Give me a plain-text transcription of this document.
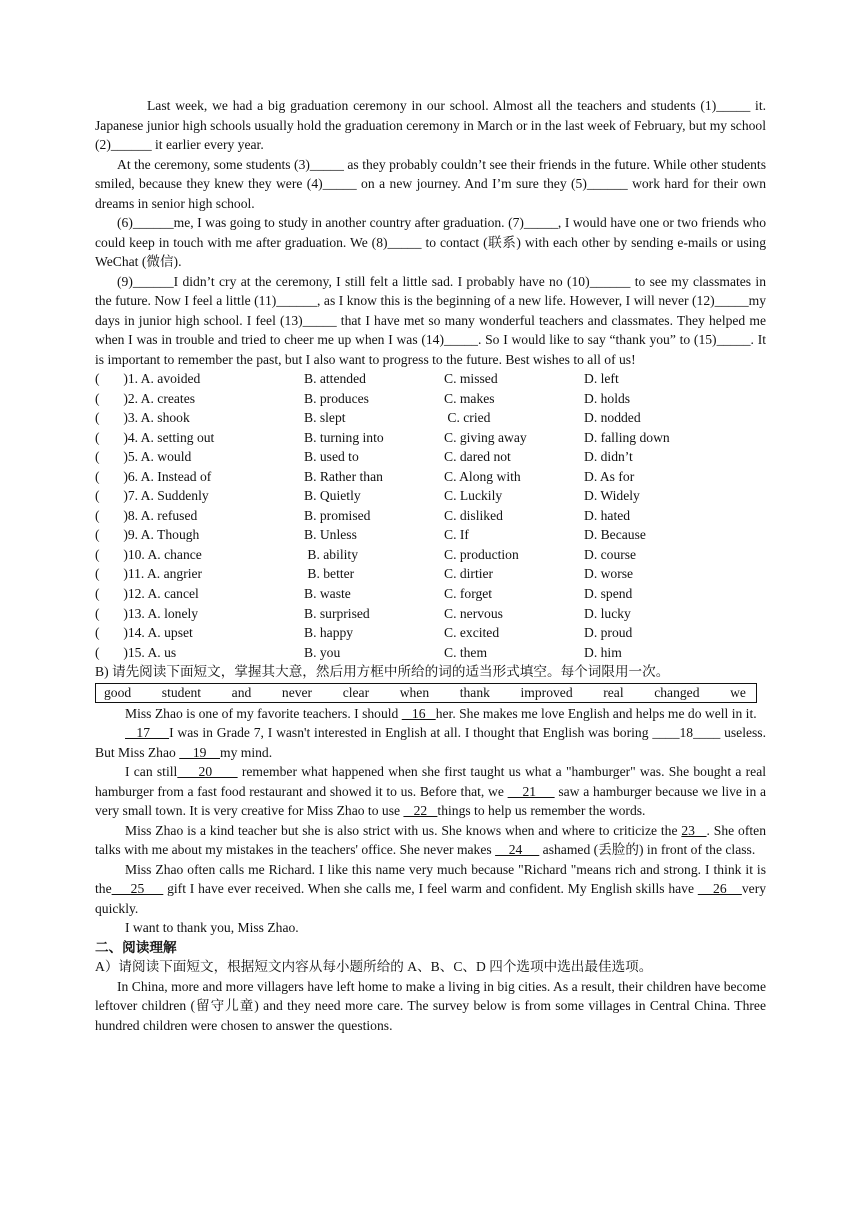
Last week, we had a big graduation ceremony in our school. Almost all the teachers and students (1)_____ it. Japanese junior high schools usually hold the graduation ceremony in March or in the last week of February, but my school (2)______ it earlier every year.

At the ceremony, some students (3)_____ as they probably couldn’t see their friends in the future. While other students smiled, because they knew they were (4)_____ on a new journey. And I’m sure they (5)______ work hard for their own dreams in senior high school.

(6)______me, I was going to study in another country after graduation. (7)_____, I would have one or two friends who could keep in touch with me after graduation. We (8)_____ to contact (联系) with each other by sending e-mails or using WeChat (微信).

(9)______I didn’t cry at the ceremony, I still felt a little sad. I probably have no (10)______ to see my classmates in the future. Now I feel a little (11)______, as I know this is the beginning of a new life. However, I will never (12)_____my days in junior high school. I feel (13)_____ that I have met so many wonderful teachers and classmates. They helped me when I was in trouble and tried to cheer me up when I was (14)_____. So I would like to say “thank you” to (15)_____. It is important to remember the past, but I also want to progress to the future. Best wishes to all of us!

(       )1. A. avoided	B. attended	C. missed	D. left
(       )2. A. creates	B. produces	C. makes	D. holds
(       )3. A. shook	B. slept	C. cried	D. nodded
(       )4. A. setting out	B. turning into	C. giving away	D. falling down
(       )5. A. would	B. used to	C. dared not	D. didn’t
(       )6. A. Instead of	B. Rather than	C. Along with	D. As for
(       )7. A. Suddenly	B. Quietly	C. Luckily	D. Widely
(       )8. A. refused	B. promised	C. disliked	D. hated
(       )9. A. Though	B. Unless	C. If	D. Because
(       )10. A. chance	B. ability	C. production	D. course
(       )11. A. angrier	B. better	C. dirtier	D. worse
(       )12. A. cancel	B. waste	C. forget	D. spend
(       )13. A. lonely	B. surprised	C. nervous	D. lucky
(       )14. A. upset	B. happy	C. excited	D. proud
(       )15. A. us	B. you	C. them	D. him
B) 请先阅读下面短文，掌握其大意，然后用方框中所给的词的适当形式填空。每个词限用一次。
good student and never clear when thank improved real changed we

Miss Zhao is one of my favorite teachers. I should    16   her. She makes me love English and helps me do well in it.

17     I was in Grade 7, I wasn't interested in English at all. I thought that English was boring ____18____ useless. But Miss Zhao     19    my mind.

I can still     20       remember what happened when she first taught us what a "hamburger" was. She bought a real hamburger from a fast food restaurant and showed it to us. Before that, we     21      saw a hamburger because we live in a very small town. It is very creative for Miss Zhao to use    22   things to help us remember the words.

Miss Zhao is a kind teacher but she is also strict with us. She knows when and where to criticize the 23   . She often talks with me about my mistakes in the teachers' office. She never makes     24      ashamed (丢脸的) in front of the class.

Miss Zhao often calls me Richard. I like this name very much because "Richard "means rich and strong. I think it is the     25      gift I have ever received. When she calls me, I feel warm and confident. My English skills have     26    very quickly.

I want to thank you, Miss Zhao.

二、阅读理解
A）请阅读下面短文，根据短文内容从每小题所给的 A、B、C、D 四个选项中选出最佳选项。

In China, more and more villagers have left home to make a living in big cities. As a result, their children have become leftover children (留守儿童) and they need more care. The survey below is from some villages in Central China. Three hundred children were chosen to answer the questions.
